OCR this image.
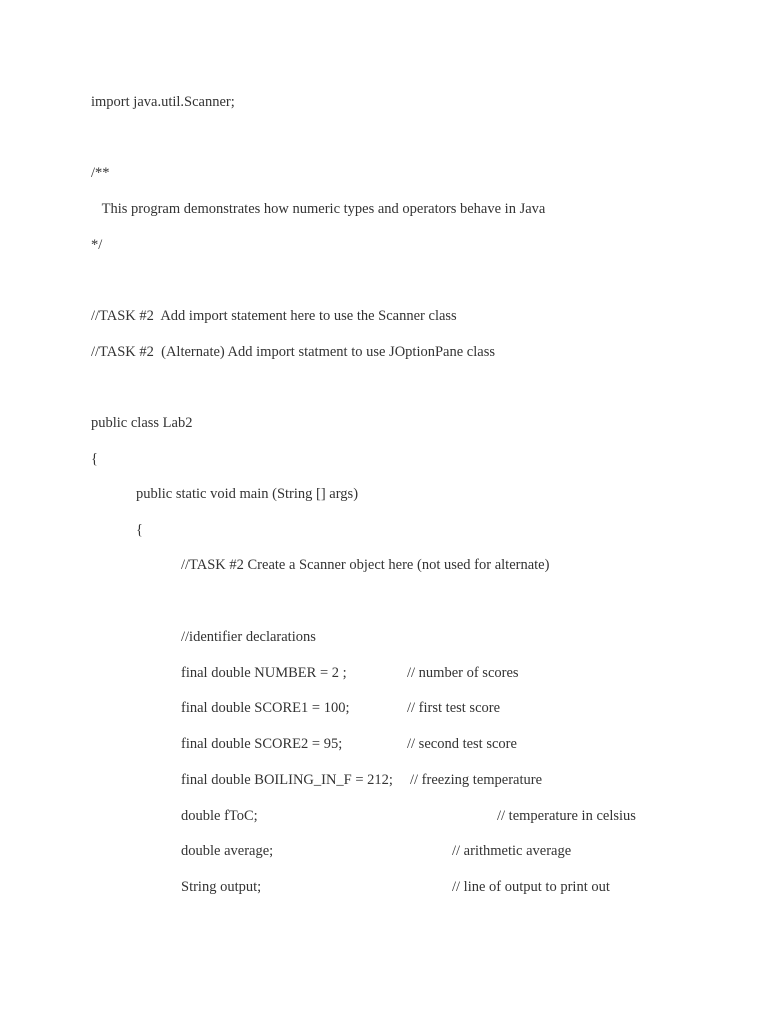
import java.util.Scanner;
/**
This program demonstrates how numeric types and operators behave in Java
*/
//TASK #2  Add import statement here to use the Scanner class
//TASK #2  (Alternate) Add import statment to use JOptionPane class
public class Lab2
{
public static void main (String [] args)
{
//TASK #2 Create a Scanner object here (not used for alternate)
//identifier declarations
final double NUMBER = 2 ;	// number of scores
final double SCORE1 = 100;	// first test score
final double SCORE2 = 95;	// second test score
final double BOILING_IN_F = 212; // freezing temperature
double fToC;	// temperature in celsius
double average;	// arithmetic average
String output;	// line of output to print out
